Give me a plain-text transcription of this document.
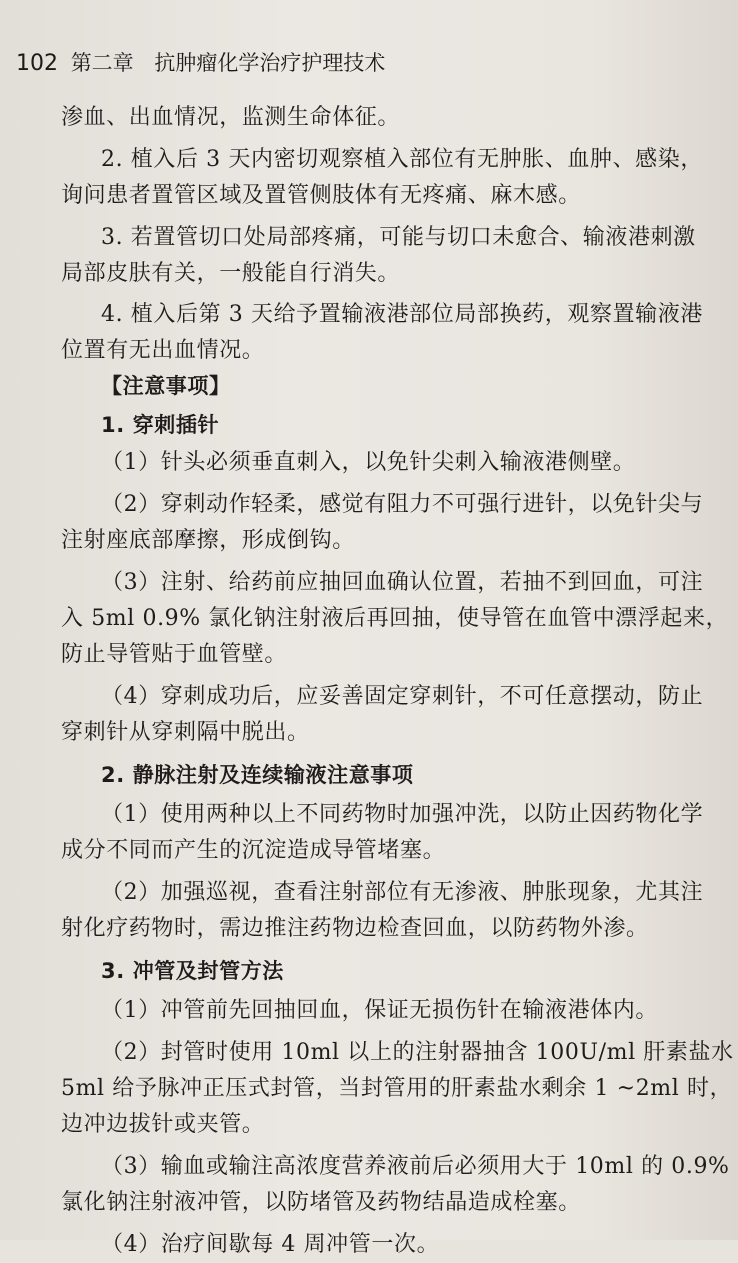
102 第二章 抗肿瘤化学治疗护理技术
渗血、出血情况，监测生命体征。
2. 植入后 3 天内密切观察植入部位有无肿胀、血肿、感染，
询问患者置管区域及置管侧肢体有无疼痛、麻木感。
3. 若置管切口处局部疼痛，可能与切口未愈合、输液港刺激
局部皮肤有关，一般能自行消失。
4. 植入后第 3 天给予置输液港部位局部换药，观察置输液港
位置有无出血情况。
【注意事项】
1. 穿刺插针
（1）针头必须垂直刺入，以免针尖刺入输液港侧壁。
（2）穿刺动作轻柔，感觉有阻力不可强行进针，以免针尖与
注射座底部摩擦，形成倒钩。
（3）注射、给药前应抽回血确认位置，若抽不到回血，可注
入 5ml 0.9% 氯化钠注射液后再回抽，使导管在血管中漂浮起来，
防止导管贴于血管壁。
（4）穿刺成功后，应妥善固定穿刺针，不可任意摆动，防止
穿刺针从穿刺隔中脱出。
2. 静脉注射及连续输液注意事项
（1）使用两种以上不同药物时加强冲洗，以防止因药物化学
成分不同而产生的沉淀造成导管堵塞。
（2）加强巡视，查看注射部位有无渗液、肿胀现象，尤其注
射化疗药物时，需边推注药物边检查回血，以防药物外渗。
3. 冲管及封管方法
（1）冲管前先回抽回血，保证无损伤针在输液港体内。
（2）封管时使用 10ml 以上的注射器抽含 100U/ml 肝素盐水
5ml 给予脉冲正压式封管，当封管用的肝素盐水剩余 1 ~2ml 时，
边冲边拔针或夹管。
（3）输血或输注高浓度营养液前后必须用大于 10ml 的 0.9%
氯化钠注射液冲管，以防堵管及药物结晶造成栓塞。
（4）治疗间歇每 4 周冲管一次。
